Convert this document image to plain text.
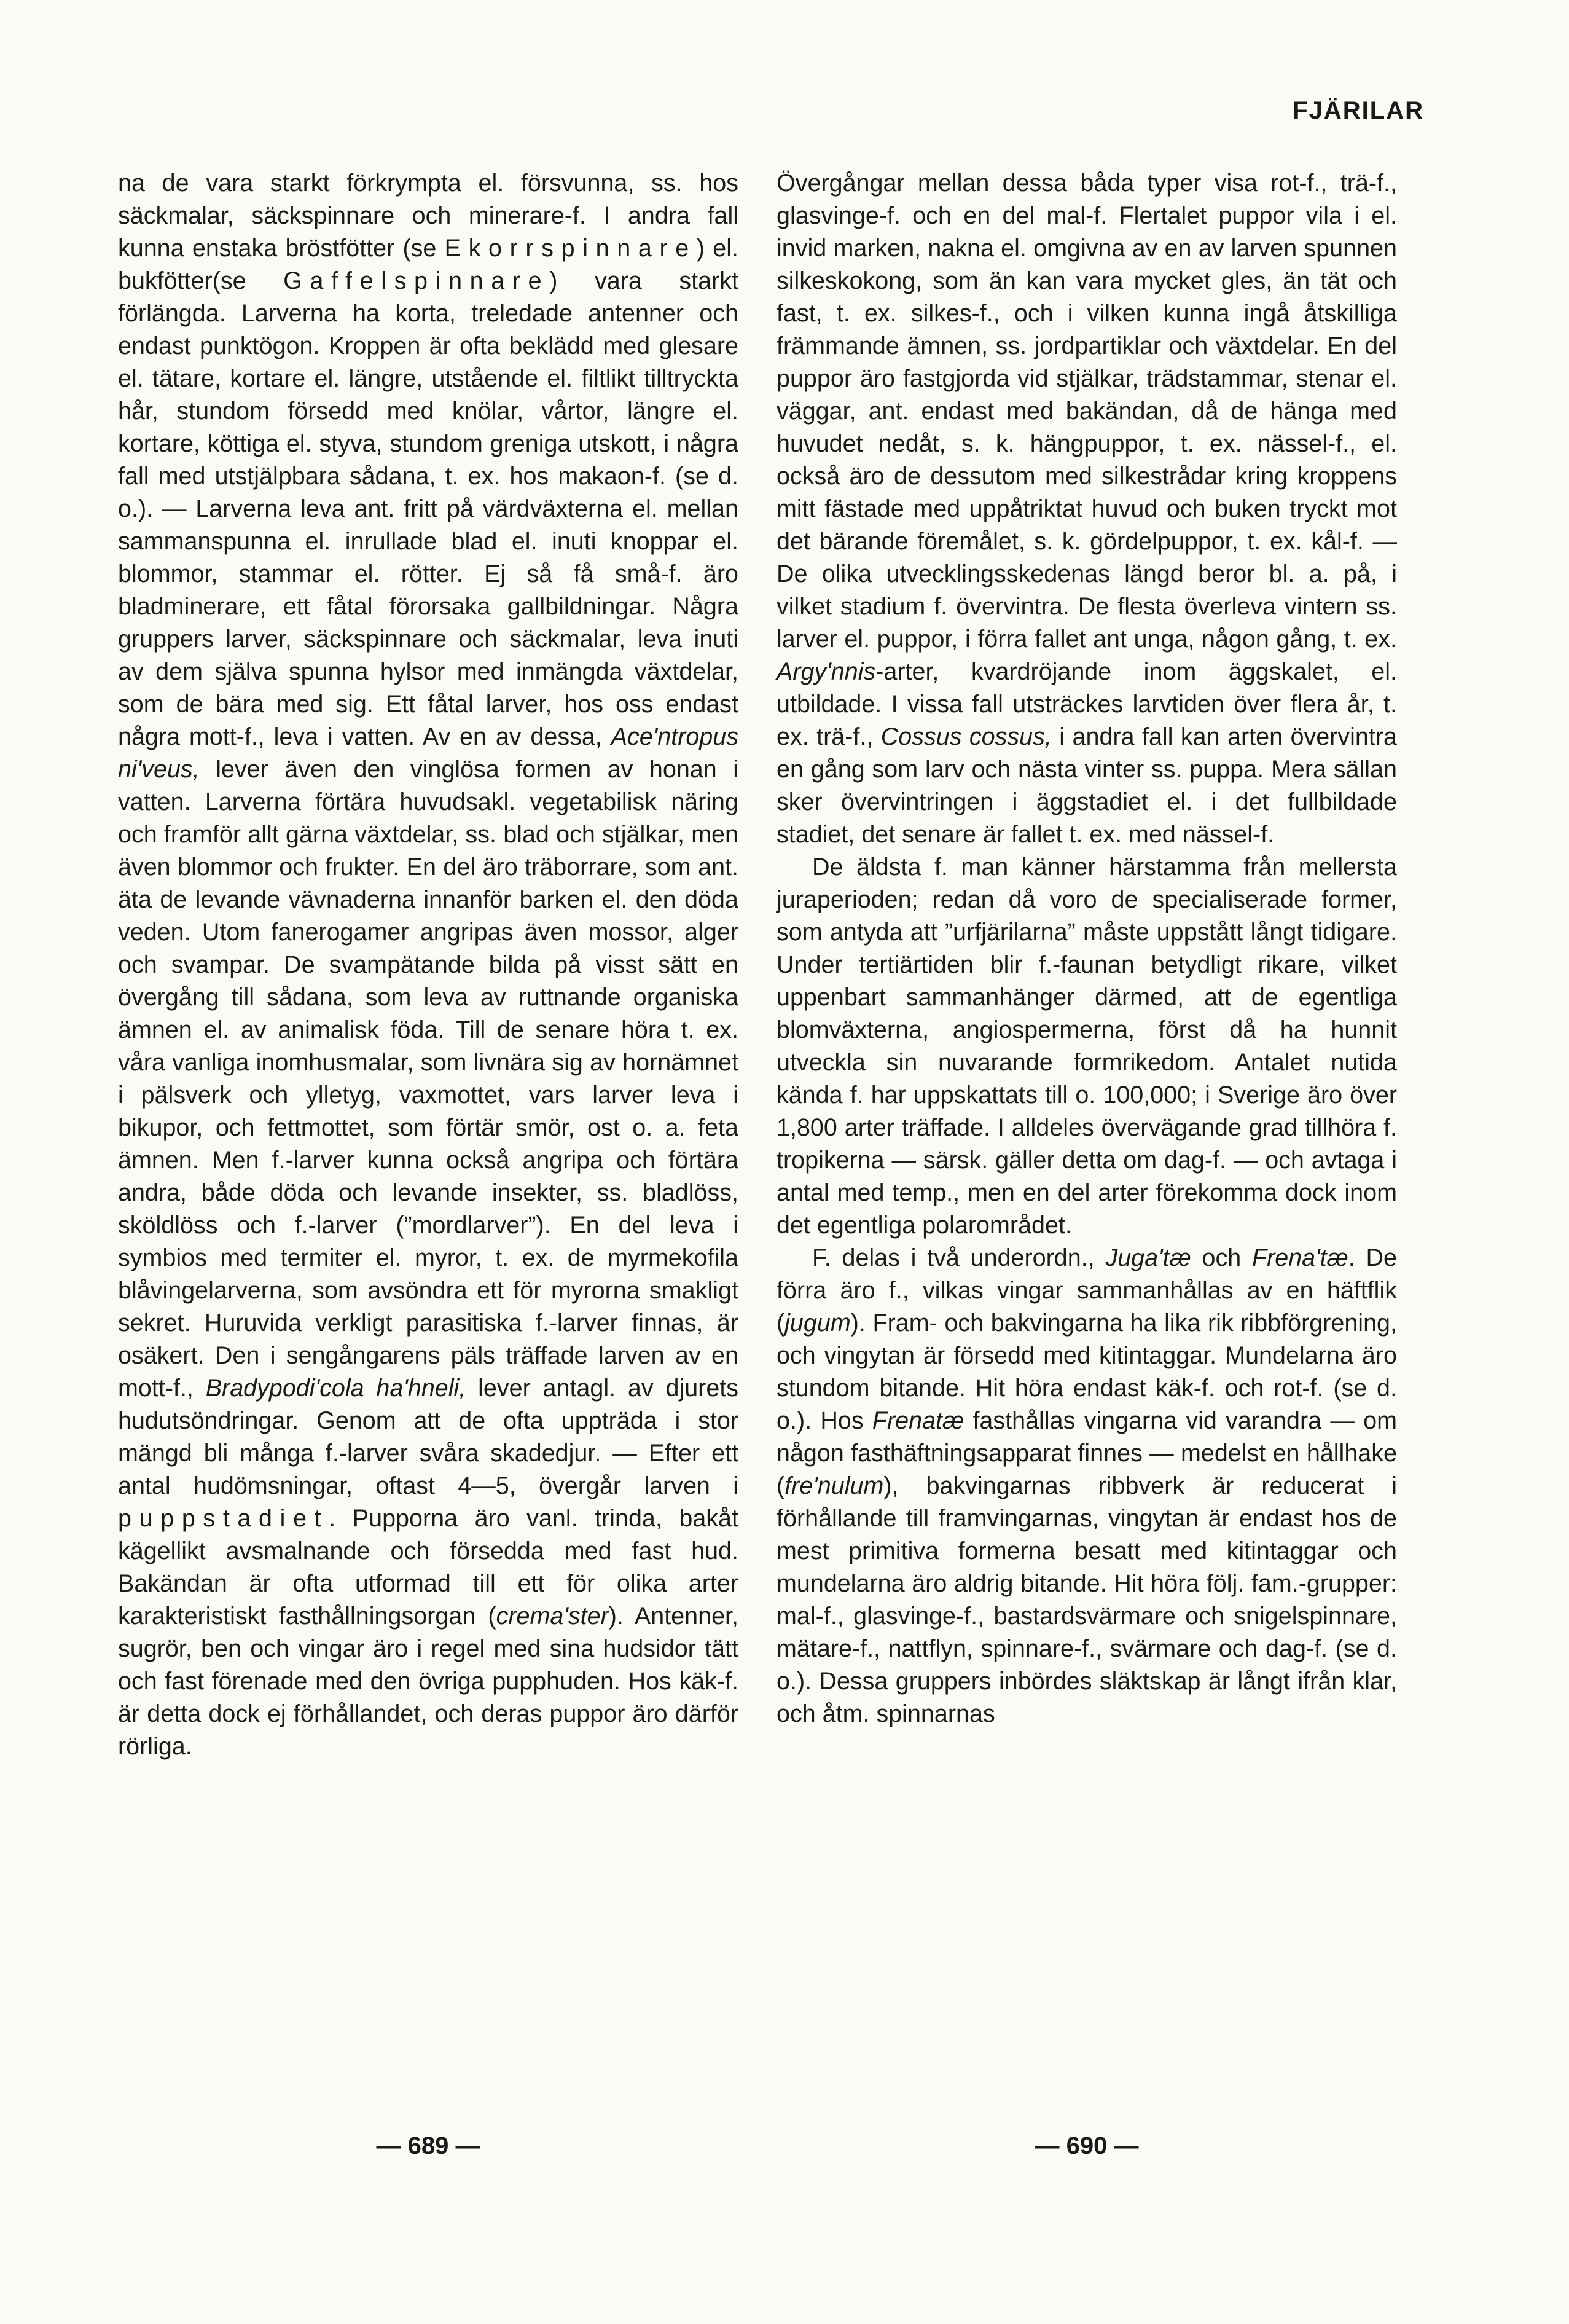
FJÄRILAR

na de vara starkt förkrympta el. försvunna, ss. hos säckmalar, säckspinnare och minerare-f. I andra fall kunna enstaka bröstfötter (se Ekorrspinnare) el. bukfötter(se Gaffelspinnare) vara starkt förlängda. Larverna ha korta, treledade antenner och endast punktögon. Kroppen är ofta beklädd med glesare el. tätare, kortare el. längre, utstående el. filtlikt tilltryckta hår, stundom försedd med knölar, vårtor, längre el. kortare, köttiga el. styva, stundom greniga utskott, i några fall med utstjälpbara sådana, t. ex. hos makaon-f. (se d. o.). — Larverna leva ant. fritt på värdväxterna el. mellan sammanspunna el. inrullade blad el. inuti knoppar el. blommor, stammar el. rötter. Ej så få små-f. äro bladminerare, ett fåtal förorsaka gallbildningar. Några gruppers larver, säckspinnare och säckmalar, leva inuti av dem självа spunna hylsor med inmängda växtdelar, som de bära med sig. Ett fåtal larver, hos oss endast några mott-f., leva i vatten. Av en av dessa, Ace'ntropus ni'veus, lever även den vinglösa formen av honan i vatten. Larverna förtära huvudsakl. vegetabilisk näring och framför allt gärna växtdelar, ss. blad och stjälkar, men även blommor och frukter. En del äro träborrare, som ant. äta de levande vävnaderna innanför barken el. den döda veden. Utom fanerogamer angripas även mossor, alger och svampar. De svampätande bilda på visst sätt en övergång till sådana, som leva av ruttnande organiska ämnen el. av animalisk föda. Till de senare höra t. ex. våra vanliga inomhusmalar, som livnära sig av hornämnet i pälsverk och ylletyg, vaxmottet, vars larver leva i bikupor, och fettmottet, som förtär smör, ost o. a. feta ämnen. Men f.-larver kunna också angripa och förtära andra, både döda och levande insekter, ss. bladlöss, sköldlöss och f.-larver (”mordlarver”). En del leva i symbios med termiter el. myror, t. ex. de myrmekofila blåvingelarverna, som avsöndra ett för myrorna smakligt sekret. Huruvida verkligt parasitiska f.-larver finnas, är osäkert. Den i sengångarens päls träffade larven av en mott-f., Bradypodi'cola ha'hneli, lever antagl. av djurets hudutsöndringar. Genom att de ofta uppträda i stor mängd bli många f.-larver svåra skadedjur. — Efter ett antal hudömsningar, oftast 4—5, övergår larven i puppstadiet. Pupporna äro vanl. trinda, bakåt kägellikt avsmalnande och försedda med fast hud. Bakändan är ofta utformad till ett för olika arter karakteristiskt fasthållningsorgan (crema'ster). Antenner, sugrör, ben och vingar äro i regel med sina hudsidor tätt och fast förenade med den övriga pupphuden. Hos käk-f. är detta dock ej förhållandet, och deras puppor äro därför rörliga.

Övergångar mellan dessa båda typer visa rot-f., trä-f., glasvinge-f. och en del mal-f. Flertalet puppor vila i el. invid marken, nakna el. omgivna av en av larven spunnen silkeskokong, som än kan vara mycket gles, än tät och fast, t. ex. silkes-f., och i vilken kunna ingå åtskilliga främmande ämnen, ss. jordpartiklar och växtdelar. En del puppor äro fastgjorda vid stjälkar, trädstammar, stenar el. väggar, ant. endast med bakändan, då de hänga med huvudet nedåt, s. k. hängpuppor, t. ex. nässel-f., el. också äro de dessutom med silkestrådar kring kroppens mitt fästade med uppåtriktat huvud och buken tryckt mot det bärande föremålet, s. k. gördelpuppor, t. ex. kål-f. — De olika utvecklingsskedenas längd beror bl. a. på, i vilket stadium f. övervintra. De flesta överleva vintern ss. larver el. puppor, i förra fallet ant unga, någon gång, t. ex. Argy'nnis-arter, kvardröjande inom äggskalet, el. utbildade. I vissa fall utsträckes larvtiden över flera år, t. ex. trä-f., Cossus cossus, i andra fall kan arten övervintra en gång som larv och nästa vinter ss. puppa. Mera sällan sker övervintringen i äggstadiet el. i det fullbildade stadiet, det senare är fallet t. ex. med nässel-f.

De äldsta f. man känner härstamma från mellersta juraperioden; redan då voro de specialiserade former, som antyda att ”urfjärilarna” måste uppstått långt tidigare. Under tertiärtiden blir f.-faunan betydligt rikare, vilket uppenbart sammanhänger därmed, att de egentliga blomväxterna, angiospermerna, först då ha hunnit utveckla sin nuvarande formrikedom. Antalet nutida kända f. har uppskattats till o. 100,000; i Sverige äro över 1,800 arter träffade. I alldeles övervägande grad tillhöra f. tropikerna — särsk. gäller detta om dag-f. — och avtaga i antal med temp., men en del arter förekomma dock inom det egentliga polarområdet.

F. delas i två underordn., Juga'tæ och Frena'tæ. De förra äro f., vilkas vingar sammanhållas av en häftflik (jugum). Fram- och bakvingarna ha lika rik ribbförgrening, och vingytan är försedd med kitintaggar. Mundelarna äro stundom bitande. Hit höra endast käk-f. och rot-f. (se d. o.). Hos Frenatæ fasthållas vingarna vid varandra — om någon fasthäftningsapparat finnes — medelst en hållhake (fre'nulum), bakvingarnas ribbverk är reducerat i förhållande till framvingarnas, vingytan är endast hos de mest primitiva formerna besatt med kitintaggar och mundelarna äro aldrig bitande. Hit höra följ. fam.-grupper: mal-f., glasvinge-f., bastardsvärmare och snigelspinnare, mätare-f., nattflyn, spinnare-f., svärmare och dag-f. (se d. o.). Dessa gruppers inbördes släktskap är långt ifrån klar, och åtm. spinnarnas

— 689 —	— 690 —
